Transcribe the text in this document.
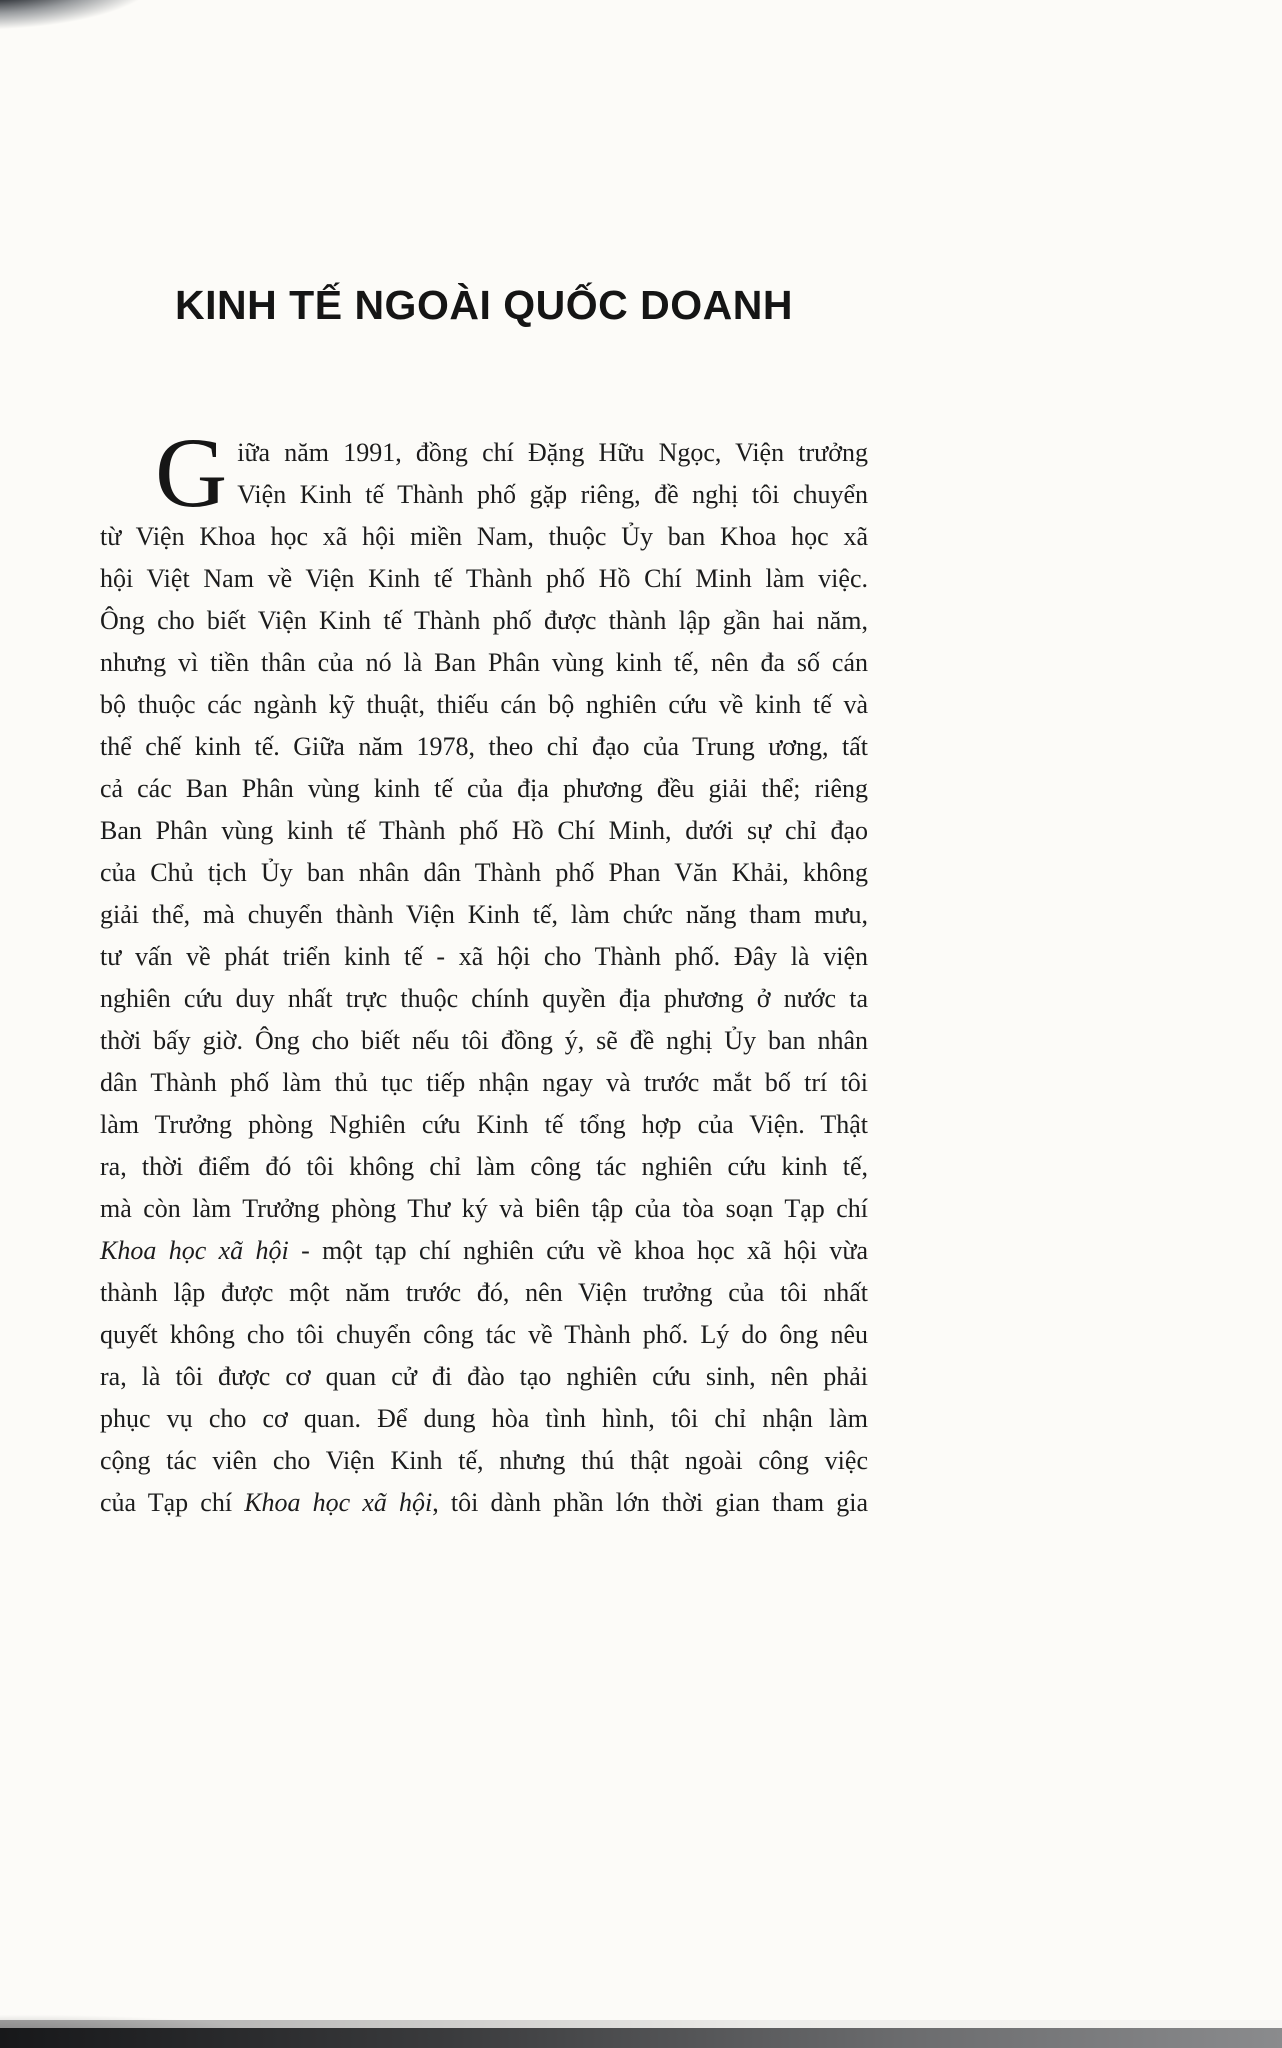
KINH TẾ NGOÀI QUỐC DOANH
G iữa năm 1991, đồng chí Đặng Hữu Ngọc, Viện trưởng
Viện Kinh tế Thành phố gặp riêng, đề nghị tôi chuyển
từ Viện Khoa học xã hội miền Nam, thuộc Ủy ban Khoa học xã
hội Việt Nam về Viện Kinh tế Thành phố Hồ Chí Minh làm việc.
Ông cho biết Viện Kinh tế Thành phố được thành lập gần hai năm,
nhưng vì tiền thân của nó là Ban Phân vùng kinh tế, nên đa số cán
bộ thuộc các ngành kỹ thuật, thiếu cán bộ nghiên cứu về kinh tế và
thể chế kinh tế. Giữa năm 1978, theo chỉ đạo của Trung ương, tất
cả các Ban Phân vùng kinh tế của địa phương đều giải thể; riêng
Ban Phân vùng kinh tế Thành phố Hồ Chí Minh, dưới sự chỉ đạo
của Chủ tịch Ủy ban nhân dân Thành phố Phan Văn Khải, không
giải thể, mà chuyển thành Viện Kinh tế, làm chức năng tham mưu,
tư vấn về phát triển kinh tế - xã hội cho Thành phố. Đây là viện
nghiên cứu duy nhất trực thuộc chính quyền địa phương ở nước ta
thời bấy giờ. Ông cho biết nếu tôi đồng ý, sẽ đề nghị Ủy ban nhân
dân Thành phố làm thủ tục tiếp nhận ngay và trước mắt bố trí tôi
làm Trưởng phòng Nghiên cứu Kinh tế tổng hợp của Viện. Thật
ra, thời điểm đó tôi không chỉ làm công tác nghiên cứu kinh tế,
mà còn làm Trưởng phòng Thư ký và biên tập của tòa soạn Tạp chí
Khoa học xã hội - một tạp chí nghiên cứu về khoa học xã hội vừa
thành lập được một năm trước đó, nên Viện trưởng của tôi nhất
quyết không cho tôi chuyển công tác về Thành phố. Lý do ông nêu
ra, là tôi được cơ quan cử đi đào tạo nghiên cứu sinh, nên phải
phục vụ cho cơ quan. Để dung hòa tình hình, tôi chỉ nhận làm
cộng tác viên cho Viện Kinh tế, nhưng thú thật ngoài công việc
của Tạp chí Khoa học xã hội, tôi dành phần lớn thời gian tham gia
